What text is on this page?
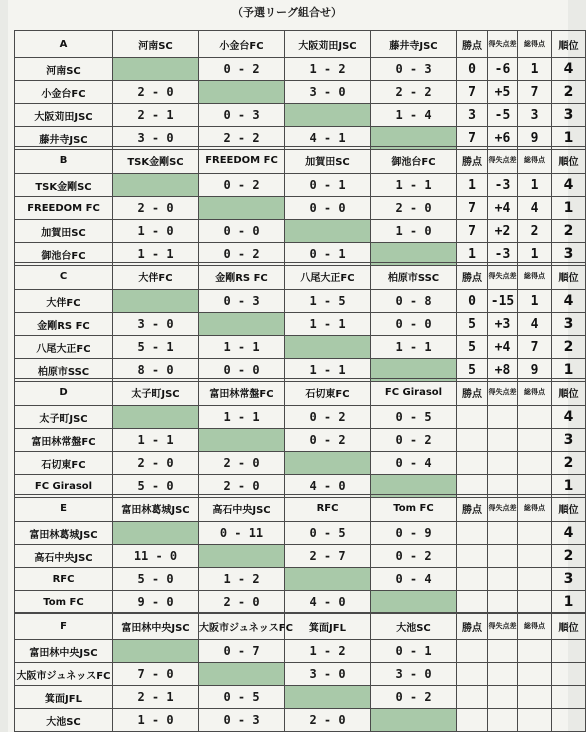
（予選リーグ組合せ）
A	河南SC	小金台FC	大阪苅田JSC	藤井寺JSC	勝点	得失点差	総得点	順位
河南SC		0 - 2	1 - 2	0 - 3	0	-6	1	4
小金台FC	2 - 0		3 - 0	2 - 2	7	+5	7	2
大阪苅田JSC	2 - 1	0 - 3		1 - 4	3	-5	3	3
藤井寺JSC	3 - 0	2 - 2	4 - 1		7	+6	9	1
B	TSK金剛SC	FREEDOM FC	加賀田SC	御池台FC	勝点	得失点差	総得点	順位
TSK金剛SC		0 - 2	0 - 1	1 - 1	1	-3	1	4
FREEDOM FC	2 - 0		0 - 0	2 - 0	7	+4	4	1
加賀田SC	1 - 0	0 - 0		1 - 0	7	+2	2	2
御池台FC	1 - 1	0 - 2	0 - 1		1	-3	1	3
C	大伴FC	金剛RS FC	八尾大正FC	柏原市SSC	勝点	得失点差	総得点	順位
大伴FC		0 - 3	1 - 5	0 - 8	0	-15	1	4
金剛RS FC	3 - 0		1 - 1	0 - 0	5	+3	4	3
八尾大正FC	5 - 1	1 - 1		1 - 1	5	+4	7	2
柏原市SSC	8 - 0	0 - 0	1 - 1		5	+8	9	1
D	太子町JSC	富田林常盤FC	石切東FC	FC Girasol	勝点	得失点差	総得点	順位
太子町JSC		1 - 1	0 - 2	0 - 5				4
富田林常盤FC	1 - 1		0 - 2	0 - 2				3
石切東FC	2 - 0	2 - 0		0 - 4				2
FC Girasol	5 - 0	2 - 0	4 - 0					1
E	富田林葛城JSC	高石中央JSC	RFC	Tom FC	勝点	得失点差	総得点	順位
富田林葛城JSC		0 - 11	0 - 5	0 - 9				4
高石中央JSC	11 - 0		2 - 7	0 - 2				2
RFC	5 - 0	1 - 2		0 - 4				3
Tom FC	9 - 0	2 - 0	4 - 0					1
F	富田林中央JSC	大阪市ジュネッスFC	箕面JFL	大池SC	勝点	得失点差	総得点	順位
富田林中央JSC		0 - 7	1 - 2	0 - 1				
大阪市ジュネッスFC	7 - 0		3 - 0	3 - 0				
箕面JFL	2 - 1	0 - 5		0 - 2				
大池SC	1 - 0	0 - 3	2 - 0					
